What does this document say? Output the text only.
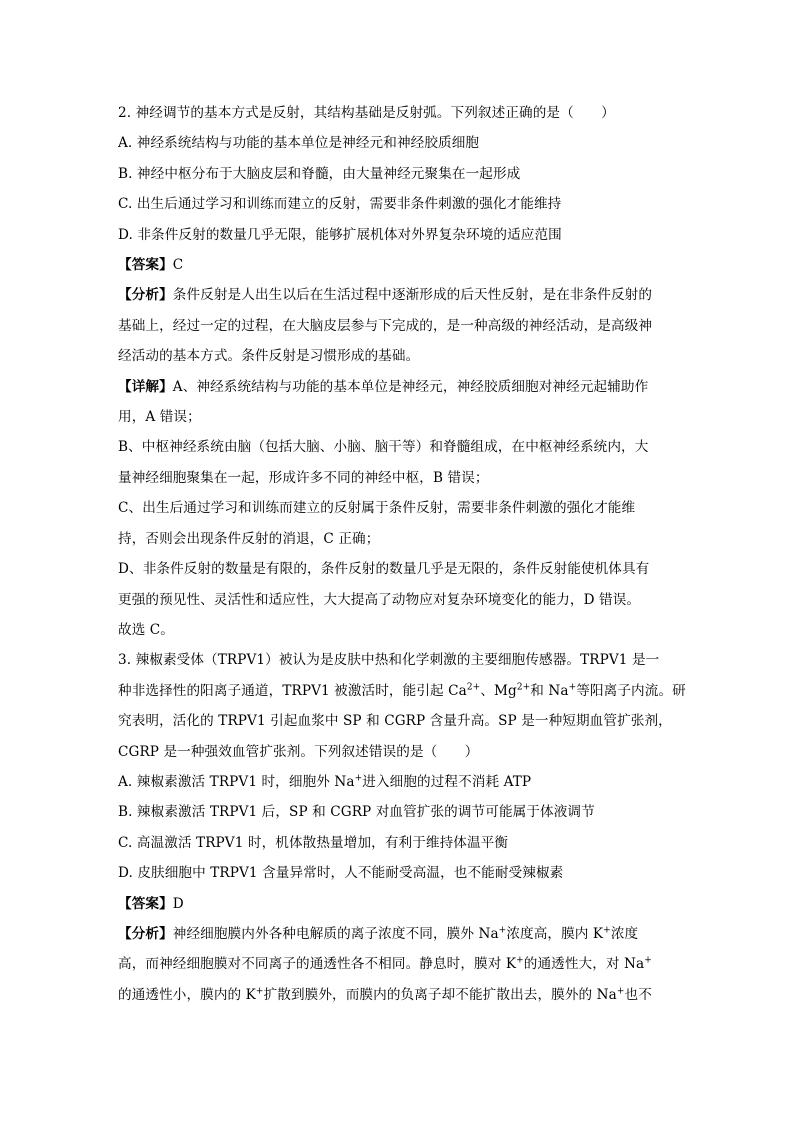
2. 神经调节的基本方式是反射，其结构基础是反射弧。下列叙述正确的是（　　）
A. 神经系统结构与功能的基本单位是神经元和神经胶质细胞
B. 神经中枢分布于大脑皮层和脊髓，由大量神经元聚集在一起形成
C. 出生后通过学习和训练而建立的反射，需要非条件刺激的强化才能维持
D. 非条件反射的数量几乎无限，能够扩展机体对外界复杂环境的适应范围
【答案】C
【分析】条件反射是人出生以后在生活过程中逐渐形成的后天性反射，是在非条件反射的
基础上，经过一定的过程，在大脑皮层参与下完成的，是一种高级的神经活动，是高级神
经活动的基本方式。条件反射是习惯形成的基础。
【详解】A、神经系统结构与功能的基本单位是神经元，神经胶质细胞对神经元起辅助作
用，A 错误；
B、中枢神经系统由脑（包括大脑、小脑、脑干等）和脊髓组成，在中枢神经系统内，大
量神经细胞聚集在一起，形成许多不同的神经中枢，B 错误；
C、出生后通过学习和训练而建立的反射属于条件反射，需要非条件刺激的强化才能维
持，否则会出现条件反射的消退，C 正确；
D、非条件反射的数量是有限的，条件反射的数量几乎是无限的，条件反射能使机体具有
更强的预见性、灵活性和适应性，大大提高了动物应对复杂环境变化的能力，D 错误。
故选 C。
3. 辣椒素受体（TRPV1）被认为是皮肤中热和化学刺激的主要细胞传感器。TRPV1 是一
种非选择性的阳离子通道，TRPV1 被激活时，能引起 $Ca^{2+}$、$Mg^{2+}$和 Na+等阳离子内流。研
究表明，活化的 TRPV1 引起血浆中 SP 和 CGRP 含量升高。SP 是一种短期血管扩张剂，
CGRP 是一种强效血管扩张剂。下列叙述错误的是（　　）
A. 辣椒素激活 TRPV1 时，细胞外 Na+进入细胞的过程不消耗 ATP
B. 辣椒素激活 TRPV1 后，SP 和 CGRP 对血管扩张的调节可能属于体液调节
C. 高温激活 TRPV1 时，机体散热量增加，有利于维持体温平衡
D. 皮肤细胞中 TRPV1 含量异常时，人不能耐受高温，也不能耐受辣椒素
【答案】D
【分析】神经细胞膜内外各种电解质的离子浓度不同，膜外 Na+浓度高，膜内 K+浓度
高，而神经细胞膜对不同离子的通透性各不相同。静息时，膜对 K+的通透性大，对 Na+
的通透性小，膜内的 K+扩散到膜外，而膜内的负离子却不能扩散出去，膜外的 Na+也不
